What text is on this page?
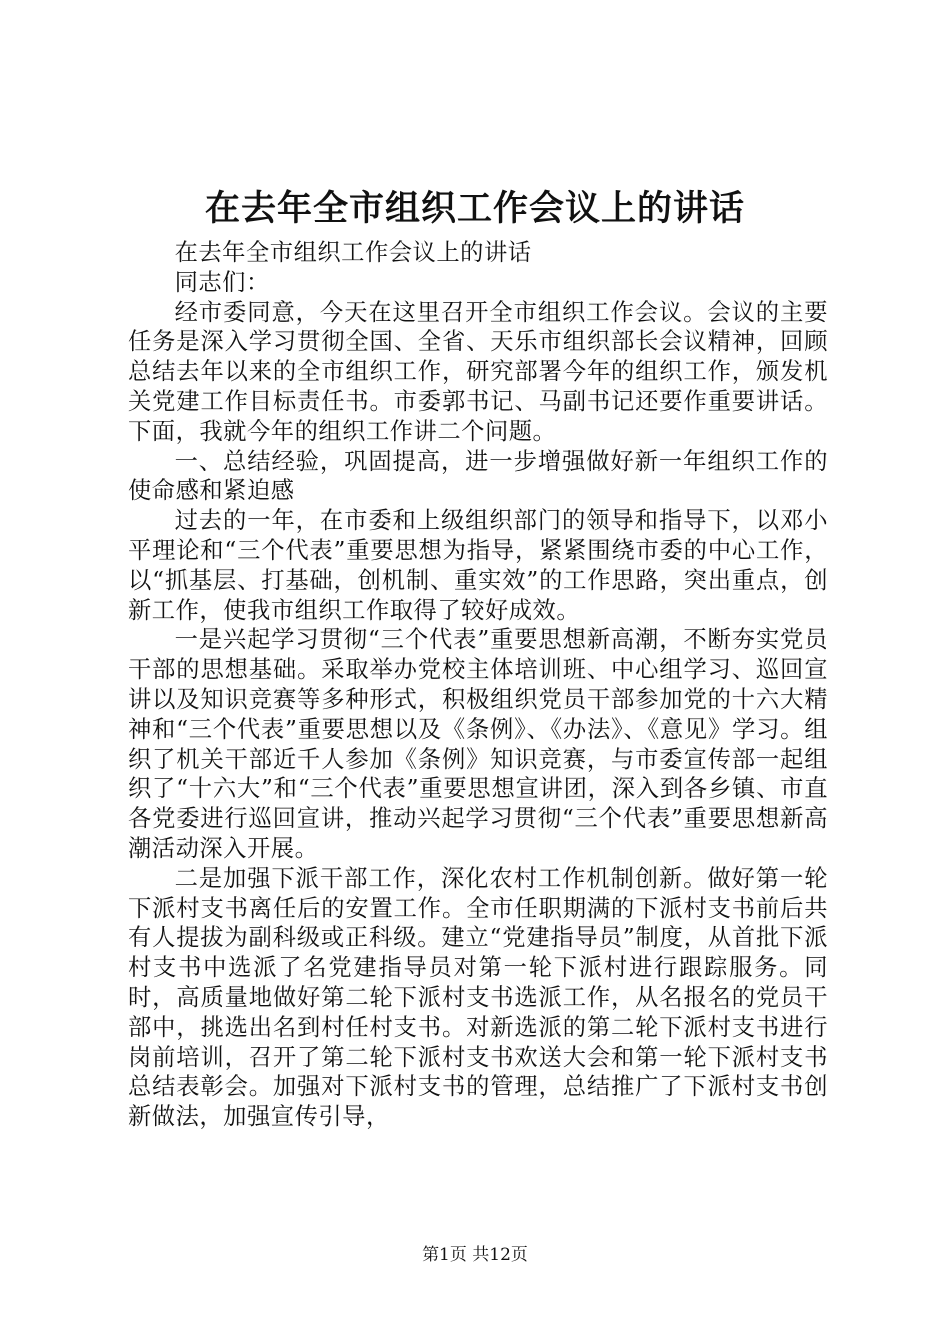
在去年全市组织工作会议上的讲话

在去年全市组织工作会议上的讲话

同志们：

经市委同意，今天在这里召开全市组织工作会议。会议的主要任务是深入学习贯彻全国、全省、天乐市组织部长会议精神，回顾总结去年以来的全市组织工作，研究部署今年的组织工作，颁发机关党建工作目标责任书。市委郭书记、马副书记还要作重要讲话。下面，我就今年的组织工作讲二个问题。

一、总结经验，巩固提高，进一步增强做好新一年组织工作的使命感和紧迫感

过去的一年，在市委和上级组织部门的领导和指导下，以邓小平理论和“三个代表”重要思想为指导，紧紧围绕市委的中心工作，以“抓基层、打基础，创机制、重实效”的工作思路，突出重点，创新工作，使我市组织工作取得了较好成效。

一是兴起学习贯彻“三个代表”重要思想新高潮，不断夯实党员干部的思想基础。采取举办党校主体培训班、中心组学习、巡回宣讲以及知识竞赛等多种形式，积极组织党员干部参加党的十六大精神和“三个代表”重要思想以及《条例》、《办法》、《意见》学习。组织了机关干部近千人参加《条例》知识竞赛，与市委宣传部一起组织了“十六大”和“三个代表”重要思想宣讲团，深入到各乡镇、市直各党委进行巡回宣讲，推动兴起学习贯彻“三个代表”重要思想新高潮活动深入开展。

二是加强下派干部工作，深化农村工作机制创新。做好第一轮下派村支书离任后的安置工作。全市任职期满的下派村支书前后共有人提拔为副科级或正科级。建立“党建指导员”制度，从首批下派村支书中选派了名党建指导员对第一轮下派村进行跟踪服务。同时，高质量地做好第二轮下派村支书选派工作，从名报名的党员干部中，挑选出名到村任村支书。对新选派的第二轮下派村支书进行岗前培训，召开了第二轮下派村支书欢送大会和第一轮下派村支书总结表彰会。加强对下派村支书的管理，总结推广了下派村支书创新做法，加强宣传引导，

第1页 共12页
